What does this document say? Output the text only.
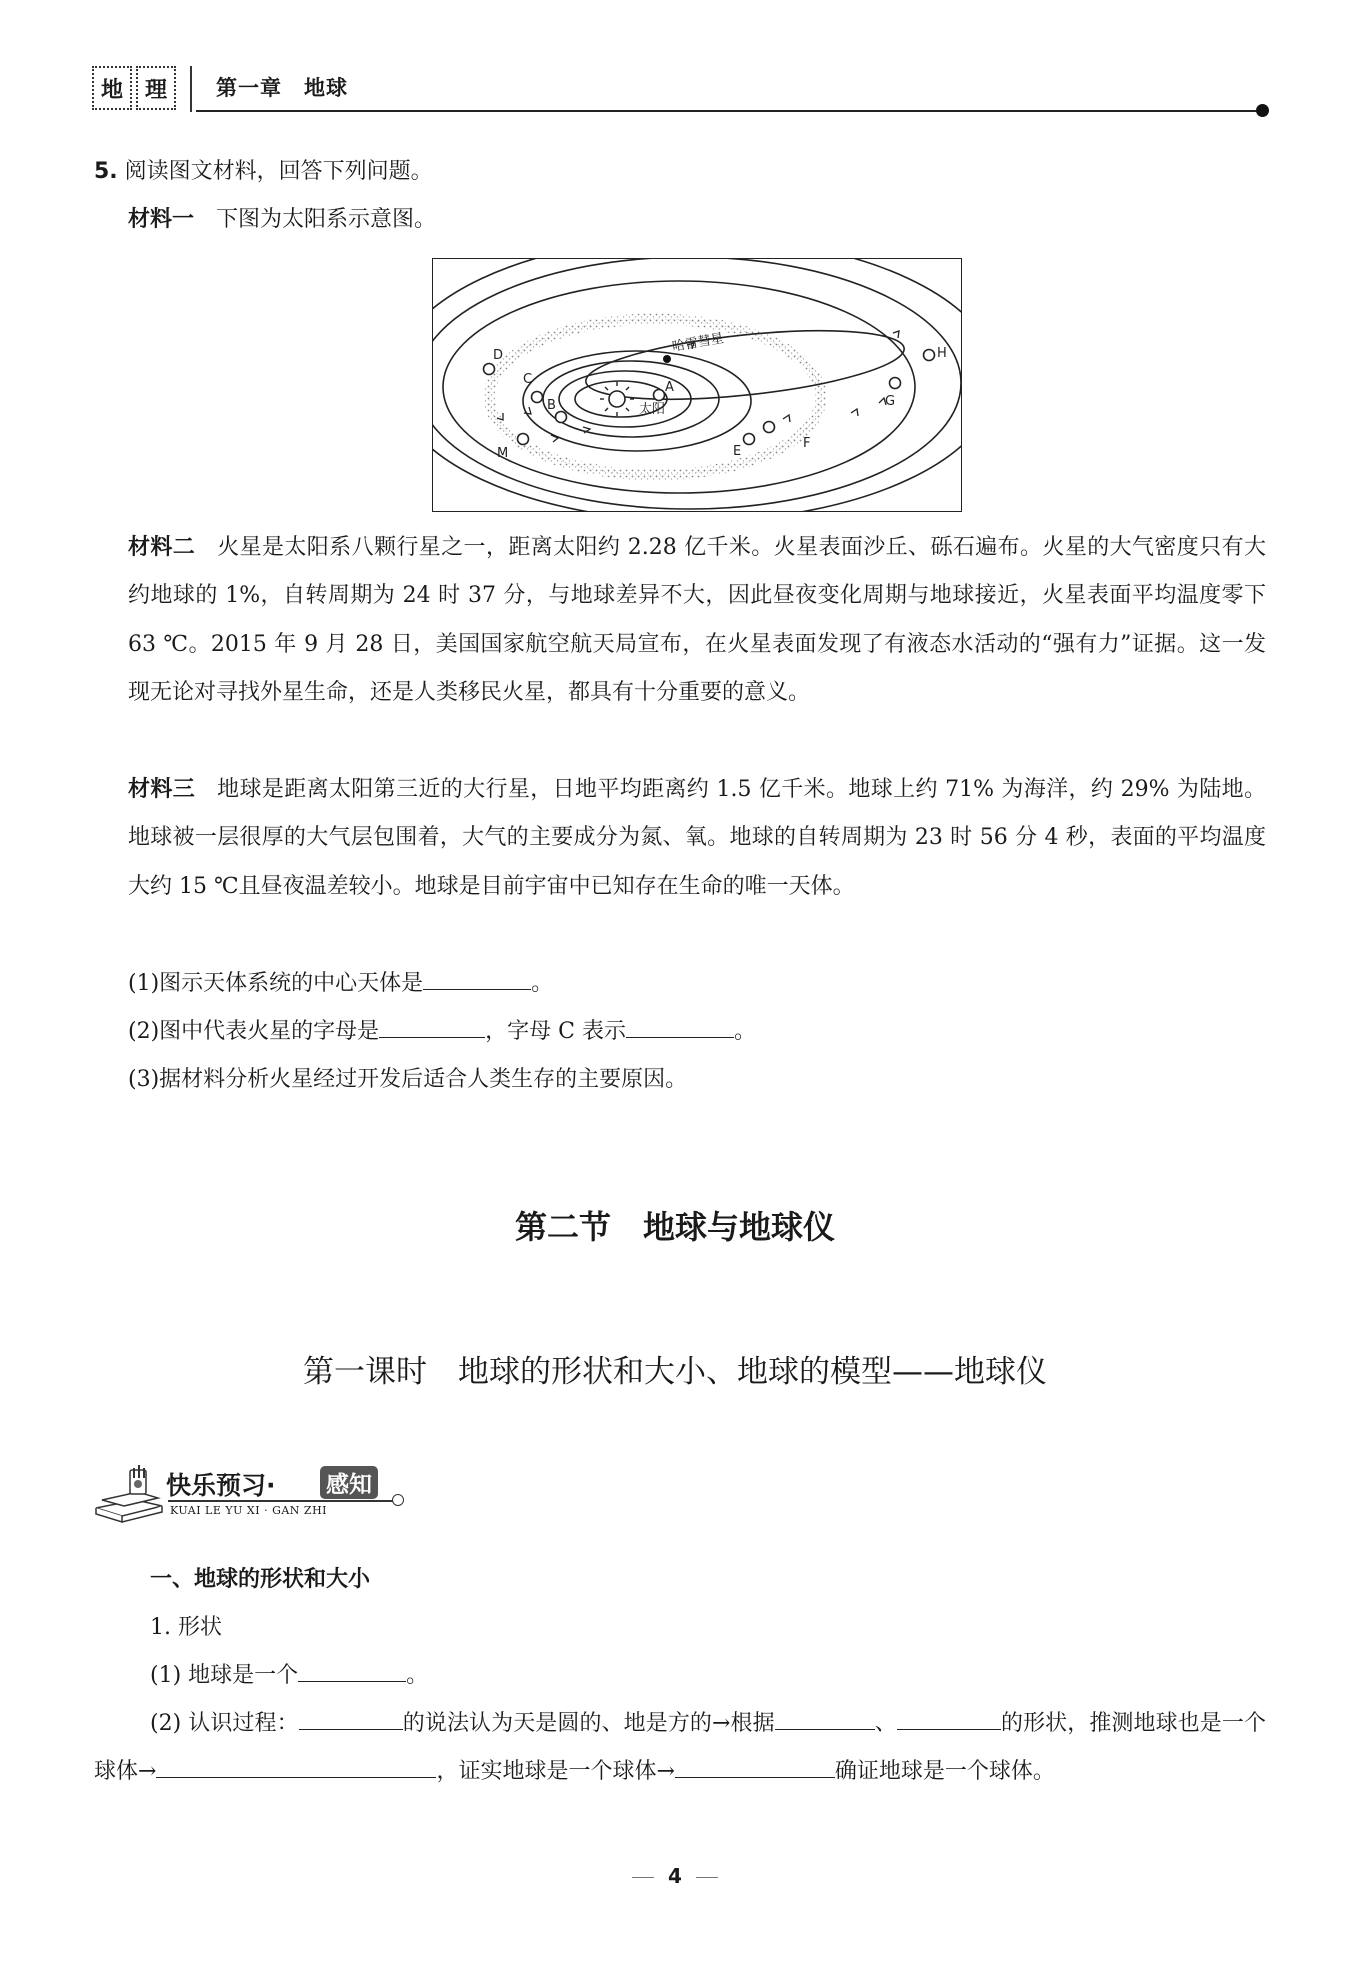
地 理	第一章　地球
5. 阅读图文材料，回答下列问题。
材料一 下图为太阳系示意图。
A
太阳
B
C
D
M	E
F
G
H
哈雷彗星
材料二 火星是太阳系八颗行星之一，距离太阳约 2.28 亿千米。火星表面沙丘、砾石遍布。火星的大气密度只有大约地球的 1%，自转周期为 24 时 37 分，与地球差异不大，因此昼夜变化周期与地球接近，火星表面平均温度零下 63 ℃。2015 年 9 月 28 日，美国国家航空航天局宣布，在火星表面发现了有液态水活动的“强有力”证据。这一发现无论对寻找外星生命，还是人类移民火星，都具有十分重要的意义。
材料三 地球是距离太阳第三近的大行星，日地平均距离约 1.5 亿千米。地球上约 71% 为海洋，约 29% 为陆地。地球被一层很厚的大气层包围着，大气的主要成分为氮、氧。地球的自转周期为 23 时 56 分 4 秒，表面的平均温度大约 15 ℃且昼夜温差较小。地球是目前宇宙中已知存在生命的唯一天体。
(1)图示天体系统的中心天体是	。
(2)图中代表火星的字母是	，字母 C 表示	。
(3)据材料分析火星经过开发后适合人类生存的主要原因。
第二节　地球与地球仪
第一课时　地球的形状和大小、地球的模型——地球仪
快乐预习· 感知
KUAI LE YU XI · GAN ZHI
一、地球的形状和大小
1. 形状
(1) 地球是一个	。
(2) 认识过程：	的说法认为天是圆的、地是方的→根据	、	的形状，推测地球也是一个球体→	，证实地球是一个球体→	确证地球是一个球体。
4
